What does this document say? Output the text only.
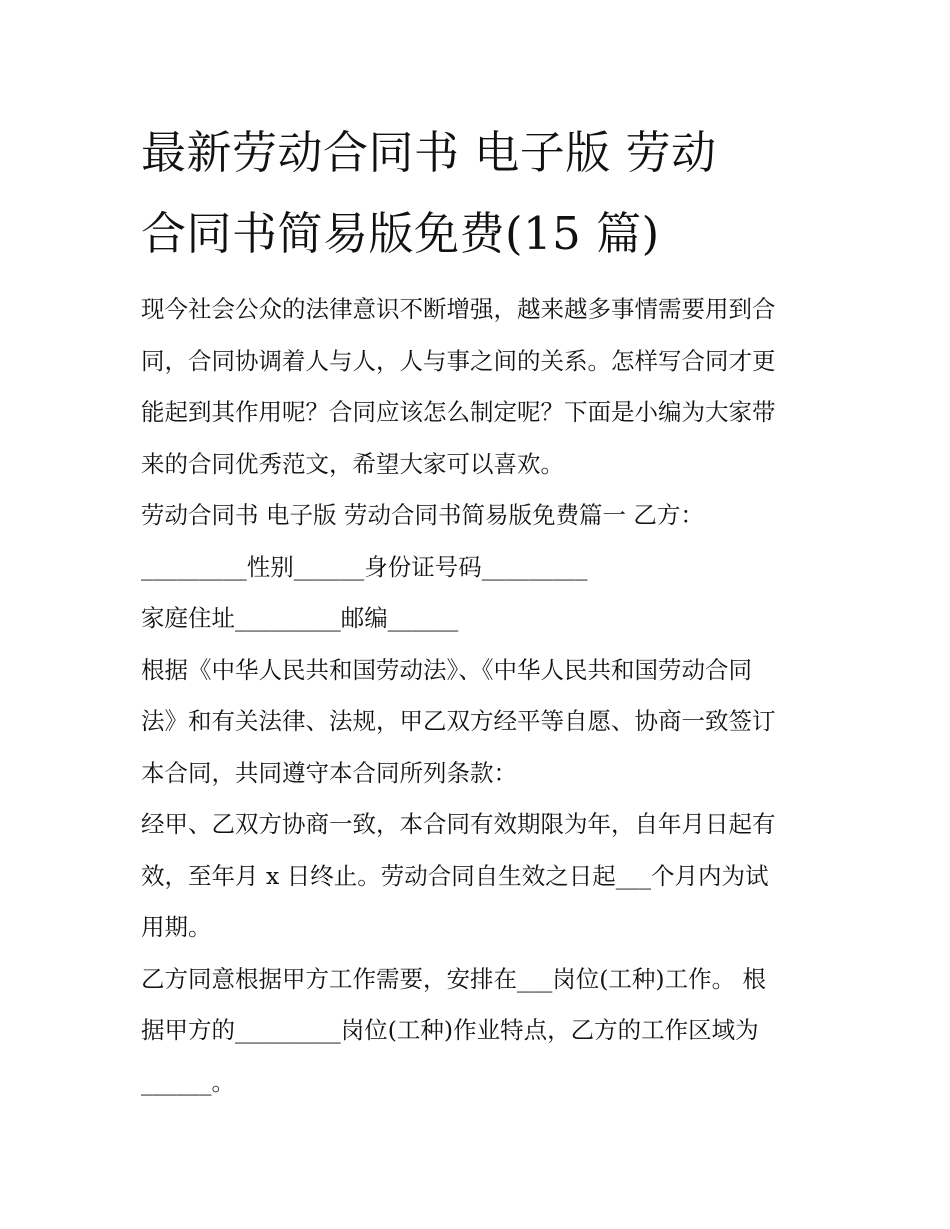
最新劳动合同书 电子版 劳动
合同书简易版免费(15 篇)

现今社会公众的法律意识不断增强，越来越多事情需要用到合
同，合同协调着人与人，人与事之间的关系。怎样写合同才更
能起到其作用呢？合同应该怎么制定呢？下面是小编为大家带
来的合同优秀范文，希望大家可以喜欢。

劳动合同书 电子版 劳动合同书简易版免费篇一 乙方：
_________性别______身份证号码_________

家庭住址_________邮编______

根据《中华人民共和国劳动法》、《中华人民共和国劳动合同
法》和有关法律、法规，甲乙双方经平等自愿、协商一致签订
本合同，共同遵守本合同所列条款：

经甲、乙双方协商一致，本合同有效期限为年，自年月日起有
效，至年月 x 日终止。劳动合同自生效之日起___个月内为试
用期。

乙方同意根据甲方工作需要，安排在___岗位(工种)工作。 根
据甲方的_________岗位(工种)作业特点，乙方的工作区域为
______。
